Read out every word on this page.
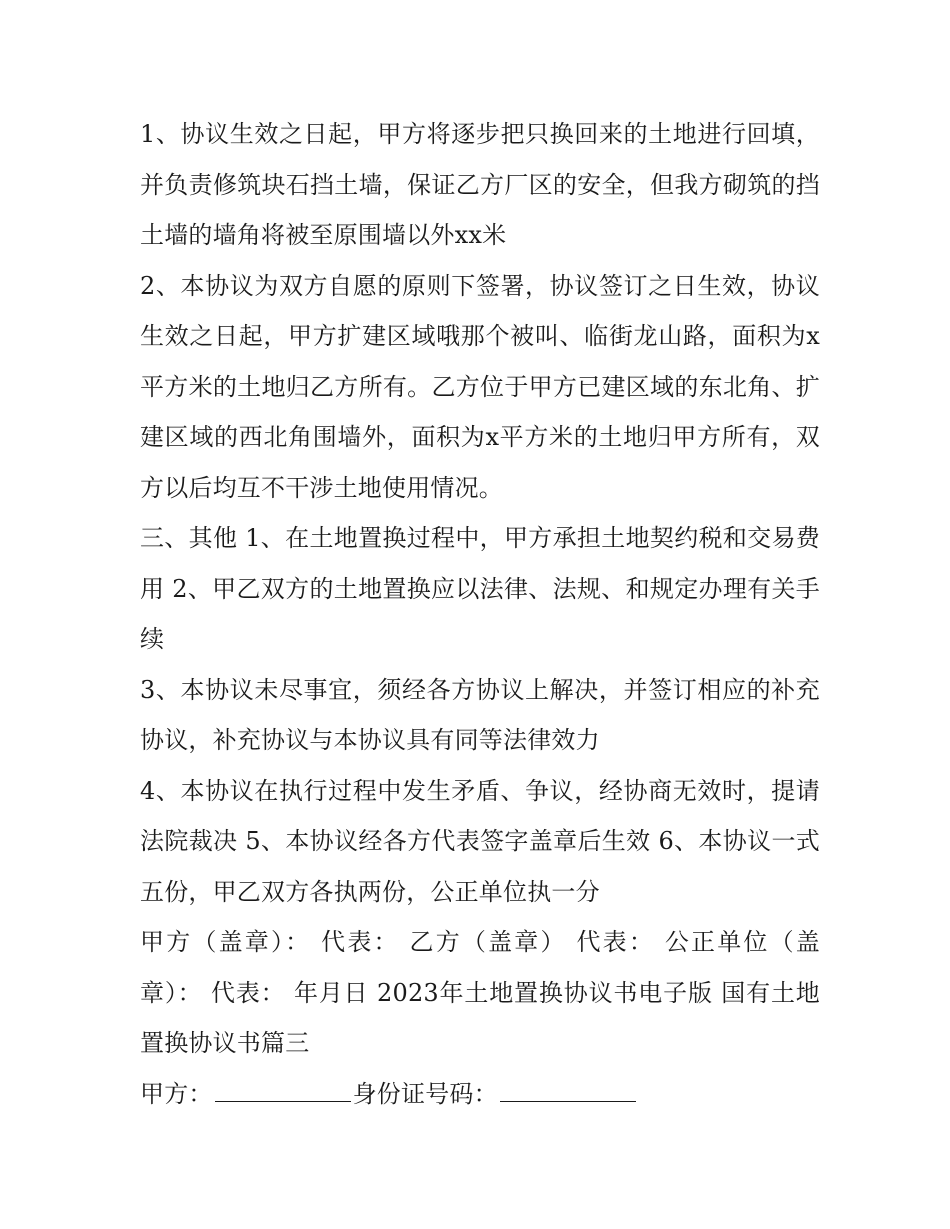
1、协议生效之日起，甲方将逐步把只换回来的土地进行回填，并负责修筑块石挡土墙，保证乙方厂区的安全，但我方砌筑的挡土墙的墙角将被至原围墙以外xx米

2、本协议为双方自愿的原则下签署，协议签订之日生效，协议生效之日起，甲方扩建区域哦那个被叫、临街龙山路，面积为x平方米的土地归乙方所有。乙方位于甲方已建区域的东北角、扩建区域的西北角围墙外，面积为x平方米的土地归甲方所有，双方以后均互不干涉土地使用情况。

三、其他 1、在土地置换过程中，甲方承担土地契约税和交易费用 2、甲乙双方的土地置换应以法律、法规、和规定办理有关手续

3、本协议未尽事宜，须经各方协议上解决，并签订相应的补充协议，补充协议与本协议具有同等法律效力

4、本协议在执行过程中发生矛盾、争议，经协商无效时，提请法院裁决 5、本协议经各方代表签字盖章后生效 6、本协议一式五份，甲乙双方各执两份，公正单位执一分

甲方（盖章）： 代表： 乙方（盖章） 代表： 公正单位（盖章）： 代表： 年月日 2023年土地置换协议书电子版 国有土地置换协议书篇三

甲方：	身份证号码：
